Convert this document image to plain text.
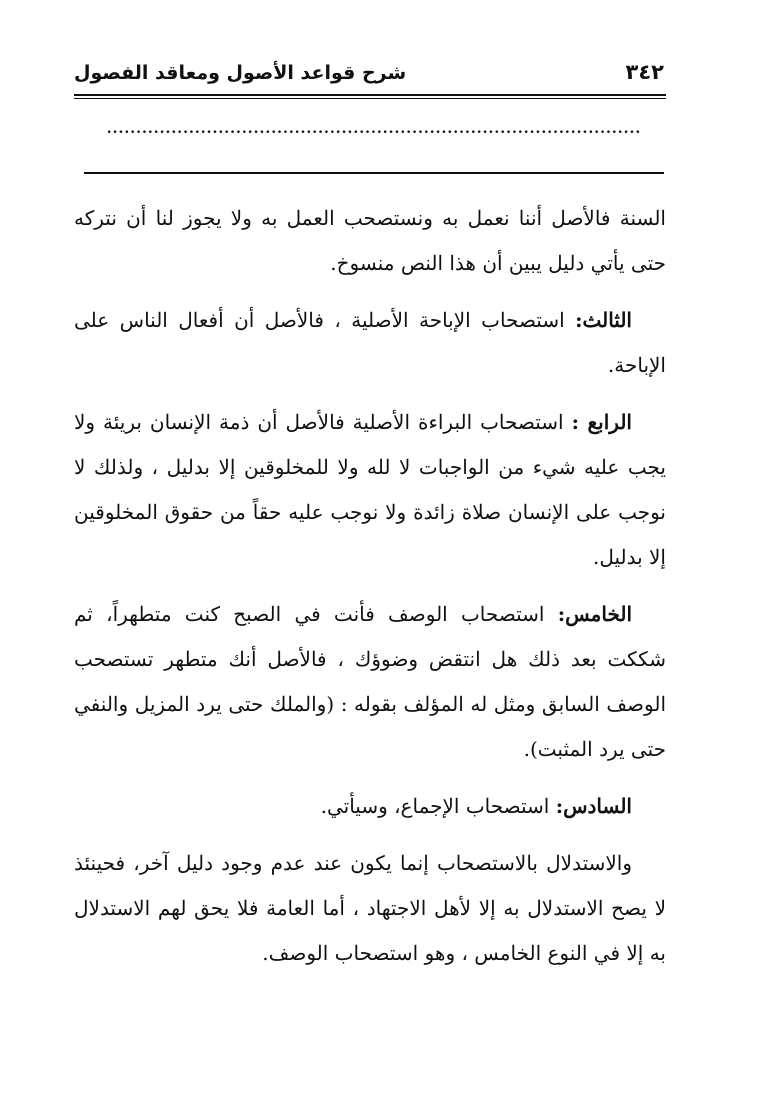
٣٤٢
شرح قواعد الأصول ومعاقد الفصول
...........................................................................................

السنة فالأصل أننا نعمل به ونستصحب العمل به ولا يجوز لنا أن نتركه حتى يأتي دليل يبين أن هذا النص منسوخ.

الثالث: استصحاب الإباحة الأصلية ، فالأصل أن أفعال الناس على الإباحة.

الرابع : استصحاب البراءة الأصلية فالأصل أن ذمة الإنسان بريئة ولا يجب عليه شيء من الواجبات لا لله ولا للمخلوقين إلا بدليل ، ولذلك لا نوجب على الإنسان صلاة زائدة ولا نوجب عليه حقاً من حقوق المخلوقين إلا بدليل.

الخامس: استصحاب الوصف فأنت في الصبح كنت متطهراً، ثم شككت بعد ذلك هل انتقض وضوؤك ، فالأصل أنك متطهر تستصحب الوصف السابق ومثل له المؤلف بقوله : (والملك حتى يرد المزيل والنفي حتى يرد المثبت).

السادس: استصحاب الإجماع، وسيأتي.

والاستدلال بالاستصحاب إنما يكون عند عدم وجود دليل آخر، فحينئذ لا يصح الاستدلال به إلا لأهل الاجتهاد ، أما العامة فلا يحق لهم الاستدلال به إلا في النوع الخامس ، وهو استصحاب الوصف.
